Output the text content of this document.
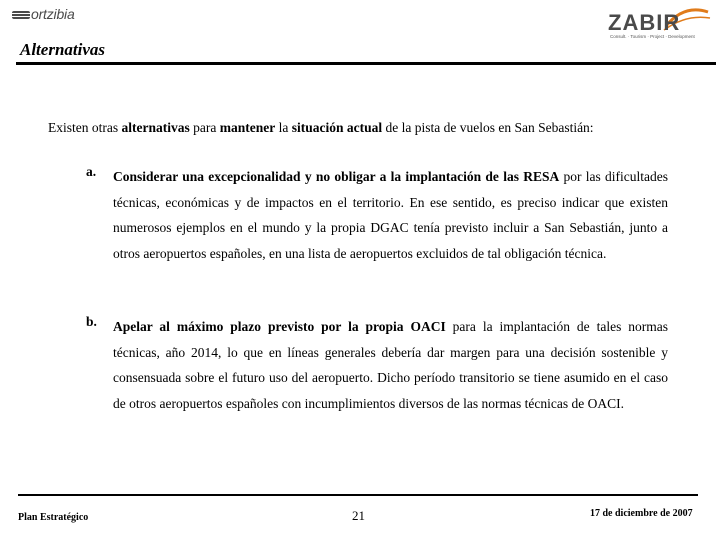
ortzibia	ZABIR
Consult. · Tourism · Project · Development
Alternativas
Existen otras alternativas para mantener la situación actual de la pista de vuelos en San Sebastián:
a. Considerar una excepcionalidad y no obligar a la implantación de las RESA por las dificultades técnicas, económicas y de impactos en el territorio. En ese sentido, es preciso indicar que existen numerosos ejemplos en el mundo y la propia DGAC tenía previsto incluir a San Sebastián, junto a otros aeropuertos españoles, en una lista de aeropuertos excluidos de tal obligación técnica.
b. Apelar al máximo plazo previsto por la propia OACI para la implantación de tales normas técnicas, año 2014, lo que en líneas generales debería dar margen para una decisión sostenible y consensuada sobre el futuro uso del aeropuerto. Dicho período transitorio se tiene asumido en el caso de otros aeropuertos españoles con incumplimientos diversos de las normas técnicas de OACI.
Plan Estratégico	21	17 de diciembre de 2007
